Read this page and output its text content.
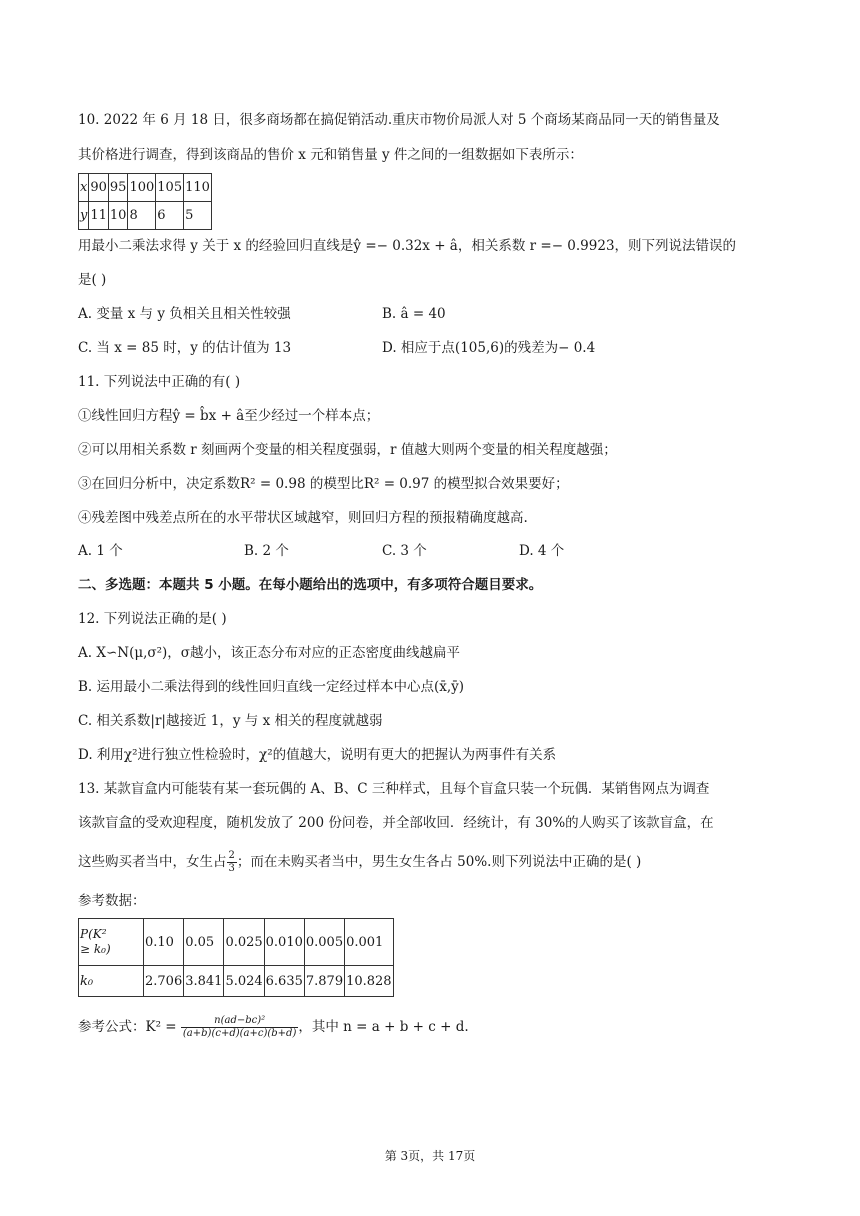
10. 2022 年 6 月 18 日，很多商场都在搞促销活动.重庆市物价局派人对 5 个商场某商品同一天的销售量及
其价格进行调查，得到该商品的售价 x 元和销售量 y 件之间的一组数据如下表所示：
x	90	95	100	105	110
y	11	10	8	6	5
用最小二乘法求得 y 关于 x 的经验回归直线是ŷ =− 0.32x + â，相关系数 r =− 0.9923，则下列说法错误的
是( )
A. 变量 x 与 y 负相关且相关性较强	B. â = 40
C. 当 x = 85 时，y 的估计值为 13	D. 相应于点(105,6)的残差为− 0.4
11. 下列说法中正确的有( )
①线性回归方程ŷ = b̂x + â至少经过一个样本点；
②可以用相关系数 r 刻画两个变量的相关程度强弱，r 值越大则两个变量的相关程度越强；
③在回归分析中，决定系数R² = 0.98 的模型比R² = 0.97 的模型拟合效果要好；
④残差图中残差点所在的水平带状区域越窄，则回归方程的预报精确度越高.
A. 1 个	B. 2 个	C. 3 个	D. 4 个
二、多选题：本题共 5 小题。在每小题给出的选项中，有多项符合题目要求。
12. 下列说法正确的是( )
A. X∽N(μ,σ²)，σ越小，该正态分布对应的正态密度曲线越扁平
B. 运用最小二乘法得到的线性回归直线一定经过样本中心点(x̄,ȳ)
C. 相关系数|r|越接近 1，y 与 x 相关的程度就越弱
D. 利用χ²进行独立性检验时，χ²的值越大，说明有更大的把握认为两事件有关系
13. 某款盲盒内可能装有某一套玩偶的 A、B、C 三种样式，且每个盲盒只装一个玩偶．某销售网点为调查
该款盲盒的受欢迎程度，随机发放了 200 份问卷，并全部收回．经统计，有 30%的人购买了该款盲盒，在
这些购买者当中，女生占 $\frac{2}{3}$ ；而在未购买者当中，男生女生各占 50%.则下列说法中正确的是( )
参考数据：
P(K²
≥ k₀)	0.10	0.05	0.025	0.010	0.005	0.001
k₀	2.706	3.841	5.024	6.635	7.879	10.828
参考公式：$K^2 = \frac{\text{n(ad−bc)²}}{(a+b)(c+d)(a+c)(b+d)}$ ，其中 n = a + b + c + d.
第 3页，共 17页
